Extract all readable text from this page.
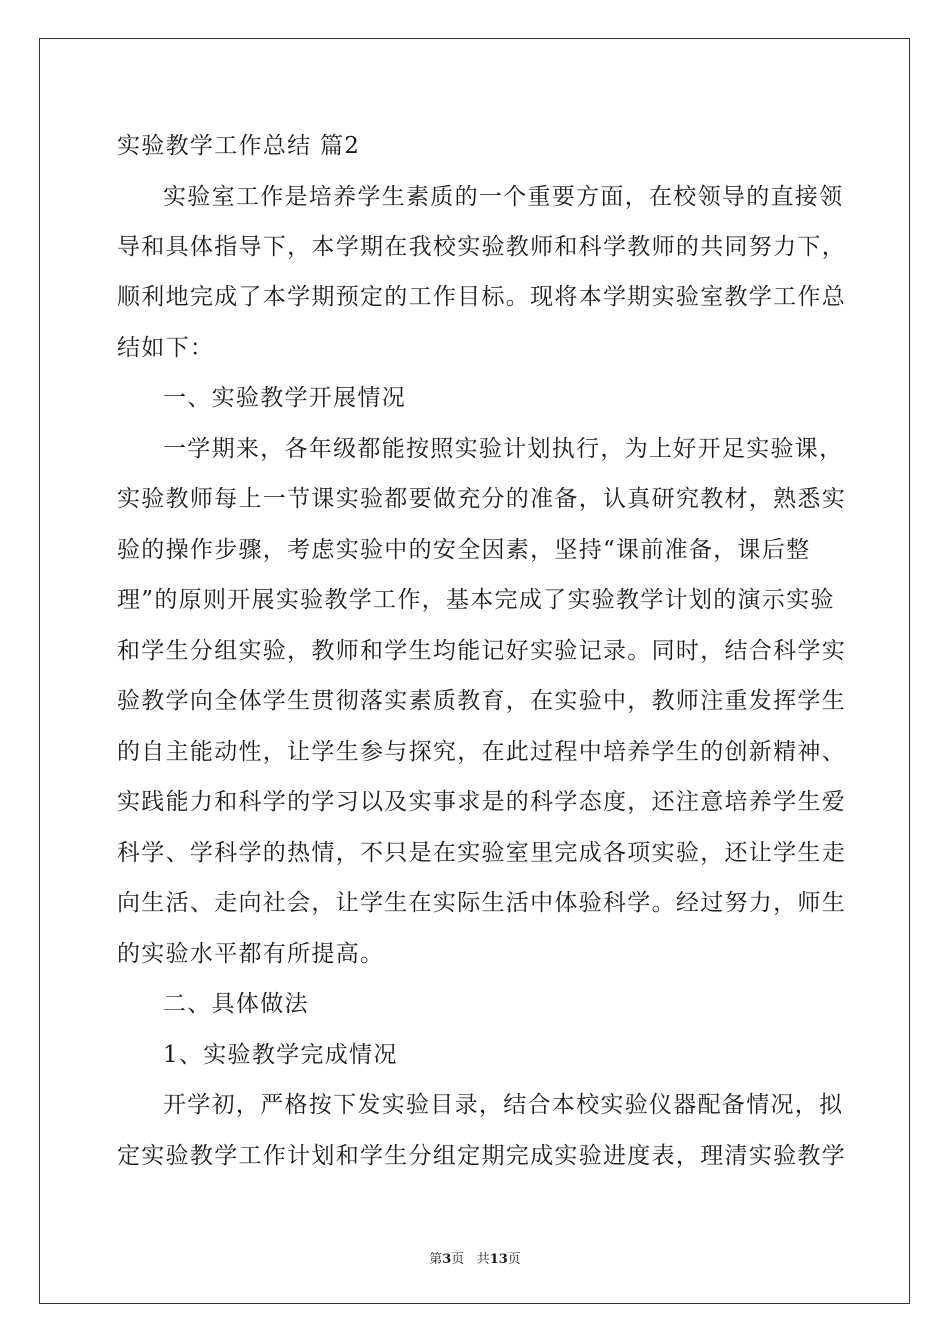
实验教学工作总结 篇2
实验室工作是培养学生素质的一个重要方面，在校领导的直接领
导和具体指导下，本学期在我校实验教师和科学教师的共同努力下，
顺利地完成了本学期预定的工作目标。现将本学期实验室教学工作总
结如下：
一、实验教学开展情况
一学期来，各年级都能按照实验计划执行，为上好开足实验课，
实验教师每上一节课实验都要做充分的准备，认真研究教材，熟悉实
验的操作步骤，考虑实验中的安全因素，坚持“课前准备，课后整
理”的原则开展实验教学工作，基本完成了实验教学计划的演示实验
和学生分组实验，教师和学生均能记好实验记录。同时，结合科学实
验教学向全体学生贯彻落实素质教育，在实验中，教师注重发挥学生
的自主能动性，让学生参与探究，在此过程中培养学生的创新精神、
实践能力和科学的学习以及实事求是的科学态度，还注意培养学生爱
科学、学科学的热情，不只是在实验室里完成各项实验，还让学生走
向生活、走向社会，让学生在实际生活中体验科学。经过努力，师生
的实验水平都有所提高。
二、具体做法
1、实验教学完成情况
开学初，严格按下发实验目录，结合本校实验仪器配备情况，拟
定实验教学工作计划和学生分组定期完成实验进度表，理清实验教学
第3页 共13页
